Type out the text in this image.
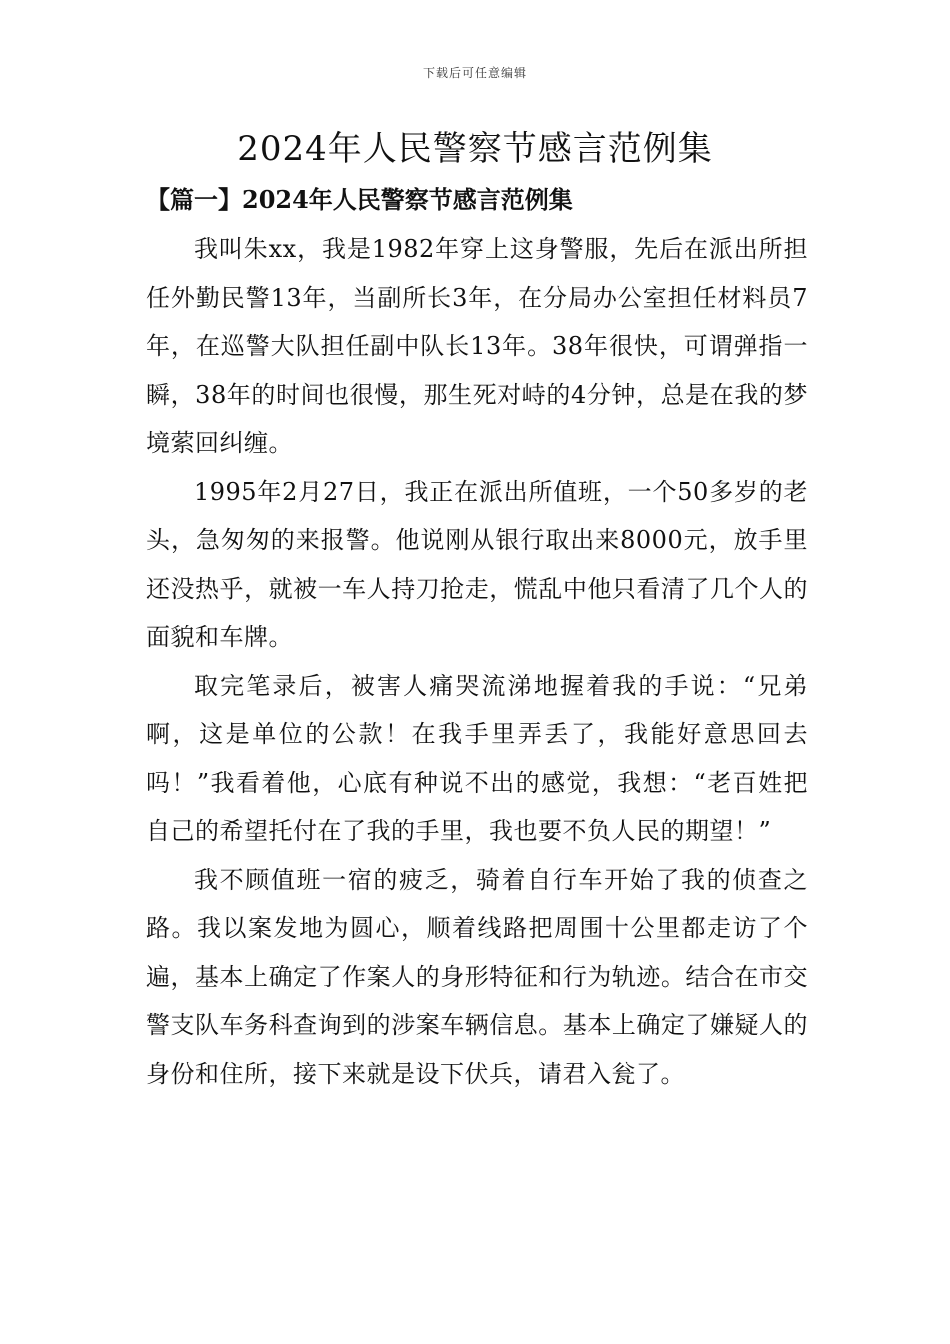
下载后可任意编辑
2024年人民警察节感言范例集
【篇一】2024年人民警察节感言范例集

我叫朱xx，我是1982年穿上这身警服，先后在派出所担任外勤民警13年，当副所长3年，在分局办公室担任材料员7年，在巡警大队担任副中队长13年。38年很快，可谓弹指一瞬，38年的时间也很慢，那生死对峙的4分钟，总是在我的梦境萦回纠缠。

1995年2月27日，我正在派出所值班，一个50多岁的老头，急匆匆的来报警。他说刚从银行取出来8000元，放手里还没热乎，就被一车人持刀抢走，慌乱中他只看清了几个人的面貌和车牌。

取完笔录后，被害人痛哭流涕地握着我的手说：“兄弟啊，这是单位的公款！在我手里弄丢了，我能好意思回去吗！”我看着他，心底有种说不出的感觉，我想：“老百姓把自己的希望托付在了我的手里，我也要不负人民的期望！”

我不顾值班一宿的疲乏，骑着自行车开始了我的侦查之路。我以案发地为圆心，顺着线路把周围十公里都走访了个遍，基本上确定了作案人的身形特征和行为轨迹。结合在市交警支队车务科查询到的涉案车辆信息。基本上确定了嫌疑人的身份和住所，接下来就是设下伏兵，请君入瓮了。
